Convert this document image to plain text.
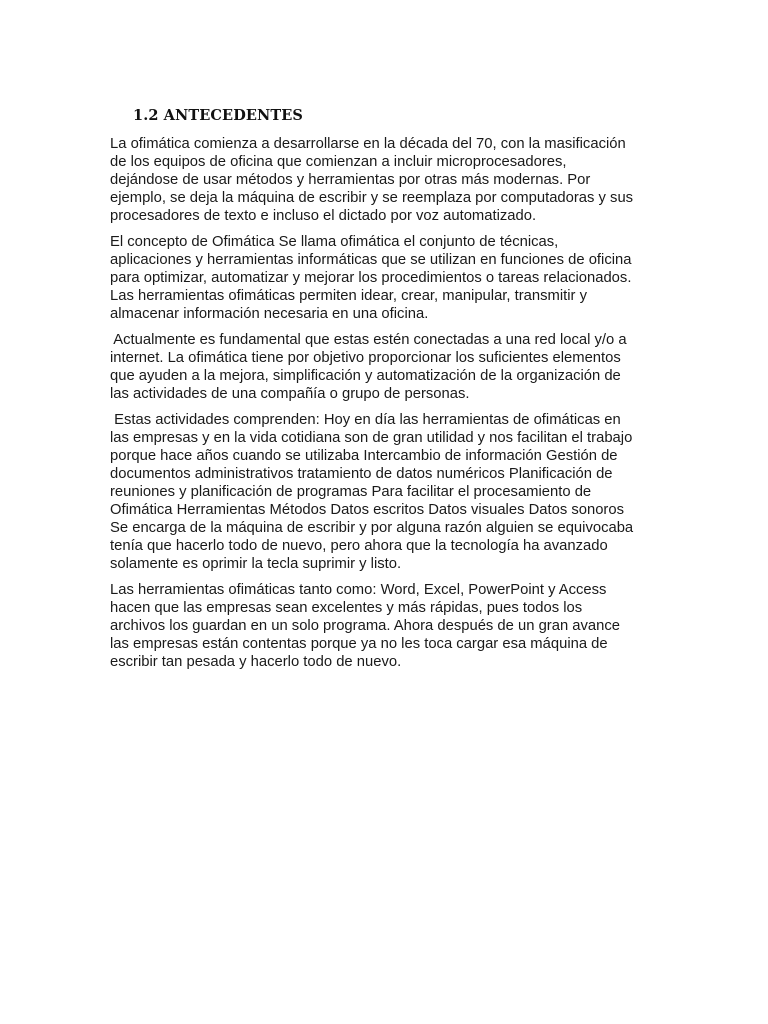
1.2 ANTECEDENTES
La ofimática comienza a desarrollarse en la década del 70, con la masificación
de los equipos de oficina que comienzan a incluir microprocesadores,
dejándose de usar métodos y herramientas por otras más modernas. Por
ejemplo, se deja la máquina de escribir y se reemplaza por computadoras y sus
procesadores de texto e incluso el dictado por voz automatizado.
El concepto de Ofimática Se llama ofimática el conjunto de técnicas,
aplicaciones y herramientas informáticas que se utilizan en funciones de oficina
para optimizar, automatizar y mejorar los procedimientos o tareas relacionados.
Las herramientas ofimáticas permiten idear, crear, manipular, transmitir y
almacenar información necesaria en una oficina.
Actualmente es fundamental que estas estén conectadas a una red local y/o a
internet. La ofimática tiene por objetivo proporcionar los suficientes elementos
que ayuden a la mejora, simplificación y automatización de la organización de
las actividades de una compañía o grupo de personas.
Estas actividades comprenden: Hoy en día las herramientas de ofimáticas en
las empresas y en la vida cotidiana son de gran utilidad y nos facilitan el trabajo
porque hace años cuando se utilizaba Intercambio de información Gestión de
documentos administrativos tratamiento de datos numéricos Planificación de
reuniones y planificación de programas Para facilitar el procesamiento de
Ofimática Herramientas Métodos Datos escritos Datos visuales Datos sonoros
Se encarga de la máquina de escribir y por alguna razón alguien se equivocaba
tenía que hacerlo todo de nuevo, pero ahora que la tecnología ha avanzado
solamente es oprimir la tecla suprimir y listo.
Las herramientas ofimáticas tanto como: Word, Excel, PowerPoint y Access
hacen que las empresas sean excelentes y más rápidas, pues todos los
archivos los guardan en un solo programa. Ahora después de un gran avance
las empresas están contentas porque ya no les toca cargar esa máquina de
escribir tan pesada y hacerlo todo de nuevo.
